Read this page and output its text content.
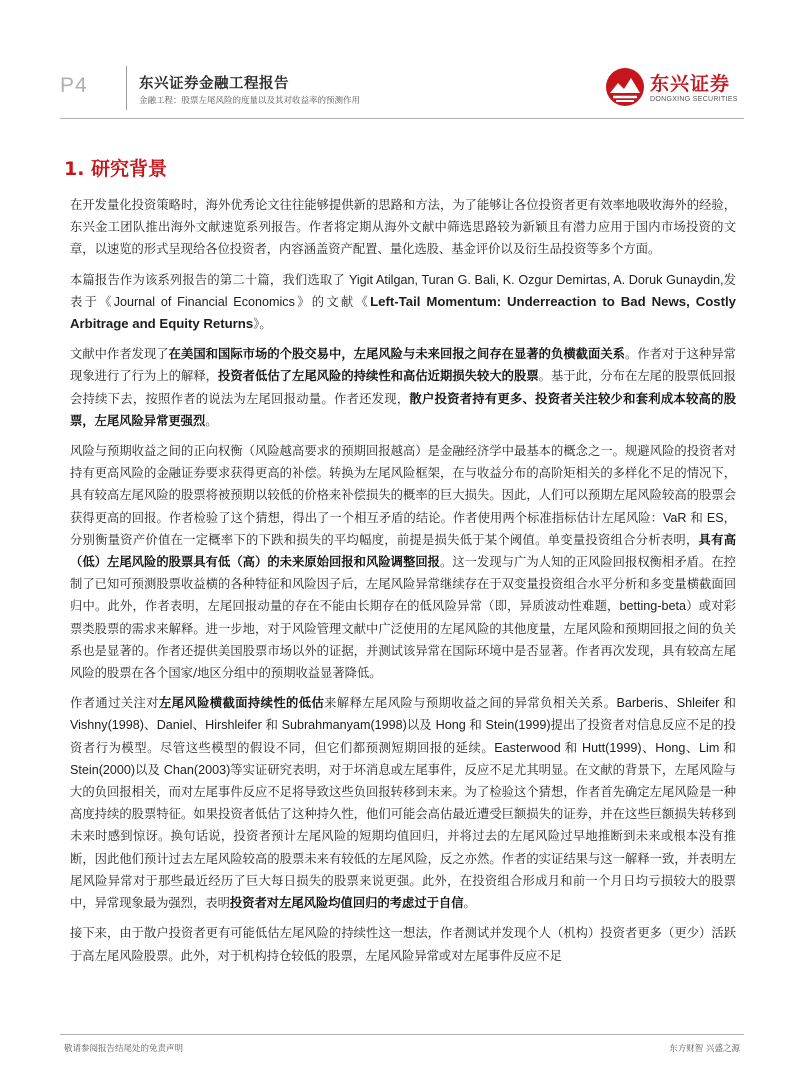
P4	东兴证券金融工程报告
金融工程：股票左尾风险的度量以及其对收益率的预测作用
东兴证券
DONGXING SECURITIES
1. 研究背景

在开发量化投资策略时，海外优秀论文往往能够提供新的思路和方法，为了能够让各位投资者更有效率地吸收海外的经验，东兴金工团队推出海外文献速览系列报告。作者将定期从海外文献中筛选思路较为新颖且有潜力应用于国内市场投资的文章，以速览的形式呈现给各位投资者，内容涵盖资产配置、量化选股、基金评价以及衍生品投资等多个方面。

本篇报告作为该系列报告的第二十篇，我们选取了 Yigit Atilgan, Turan G. Bali, K. Ozgur Demirtas, A. Doruk Gunaydin,发表于《Journal of Financial Economics》的文献《Left-Tail Momentum: Underreaction to Bad News, Costly Arbitrage and Equity Returns》。

文献中作者发现了在美国和国际市场的个股交易中，左尾风险与未来回报之间存在显著的负横截面关系。作者对于这种异常现象进行了行为上的解释，投资者低估了左尾风险的持续性和高估近期损失较大的股票。基于此，分布在左尾的股票低回报会持续下去，按照作者的说法为左尾回报动量。作者还发现，散户投资者持有更多、投资者关注较少和套利成本较高的股票，左尾风险异常更强烈。

风险与预期收益之间的正向权衡（风险越高要求的预期回报越高）是金融经济学中最基本的概念之一。规避风险的投资者对持有更高风险的金融证券要求获得更高的补偿。转换为左尾风险框架，在与收益分布的高阶矩相关的多样化不足的情况下，具有较高左尾风险的股票将被预期以较低的价格来补偿损失的概率的巨大损失。因此，人们可以预期左尾风险较高的股票会获得更高的回报。作者检验了这个猜想，得出了一个相互矛盾的结论。作者使用两个标准指标估计左尾风险：VaR 和 ES，分别衡量资产价值在一定概率下的下跌和损失的平均幅度，前提是损失低于某个阈值。单变量投资组合分析表明，具有高（低）左尾风险的股票具有低（高）的未来原始回报和风险调整回报。这一发现与广为人知的正风险回报权衡相矛盾。在控制了已知可预测股票收益横的各种特征和风险因子后，左尾风险异常继续存在于双变量投资组合水平分析和多变量横截面回归中。此外，作者表明，左尾回报动量的存在不能由长期存在的低风险异常（即，异质波动性难题，betting-beta）或对彩票类股票的需求来解释。进一步地，对于风险管理文献中广泛使用的左尾风险的其他度量，左尾风险和预期回报之间的负关系也是显著的。作者还提供美国股票市场以外的证据，并测试该异常在国际环境中是否显著。作者再次发现，具有较高左尾风险的股票在各个国家/地区分组中的预期收益显著降低。

作者通过关注对左尾风险横截面持续性的低估来解释左尾风险与预期收益之间的异常负相关关系。Barberis、Shleifer 和 Vishny(1998)、Daniel、Hirshleifer 和 Subrahmanyam(1998)以及 Hong 和 Stein(1999)提出了投资者对信息反应不足的投资者行为模型。尽管这些模型的假设不同，但它们都预测短期回报的延续。Easterwood 和 Hutt(1999)、Hong、Lim 和 Stein(2000)以及 Chan(2003)等实证研究表明，对于坏消息或左尾事件，反应不足尤其明显。在文献的背景下，左尾风险与大的负回报相关，而对左尾事件反应不足将导致这些负回报转移到未来。为了检验这个猜想，作者首先确定左尾风险是一种高度持续的股票特征。如果投资者低估了这种持久性，他们可能会高估最近遭受巨额损失的证券，并在这些巨额损失转移到未来时感到惊讶。换句话说，投资者预计左尾风险的短期均值回归，并将过去的左尾风险过早地推断到未来或根本没有推断，因此他们预计过去左尾风险较高的股票未来有较低的左尾风险，反之亦然。作者的实证结果与这一解释一致，并表明左尾风险异常对于那些最近经历了巨大每日损失的股票来说更强。此外，在投资组合形成月和前一个月日均亏损较大的股票中，异常现象最为强烈，表明投资者对左尾风险均值回归的考虑过于自信。

接下来，由于散户投资者更有可能低估左尾风险的持续性这一想法，作者测试并发现个人（机构）投资者更多（更少）活跃于高左尾风险股票。此外，对于机构持仓较低的股票，左尾风险异常或对左尾事件反应不足

敬请参阅报告结尾处的免责声明	东方财智 兴盛之源
